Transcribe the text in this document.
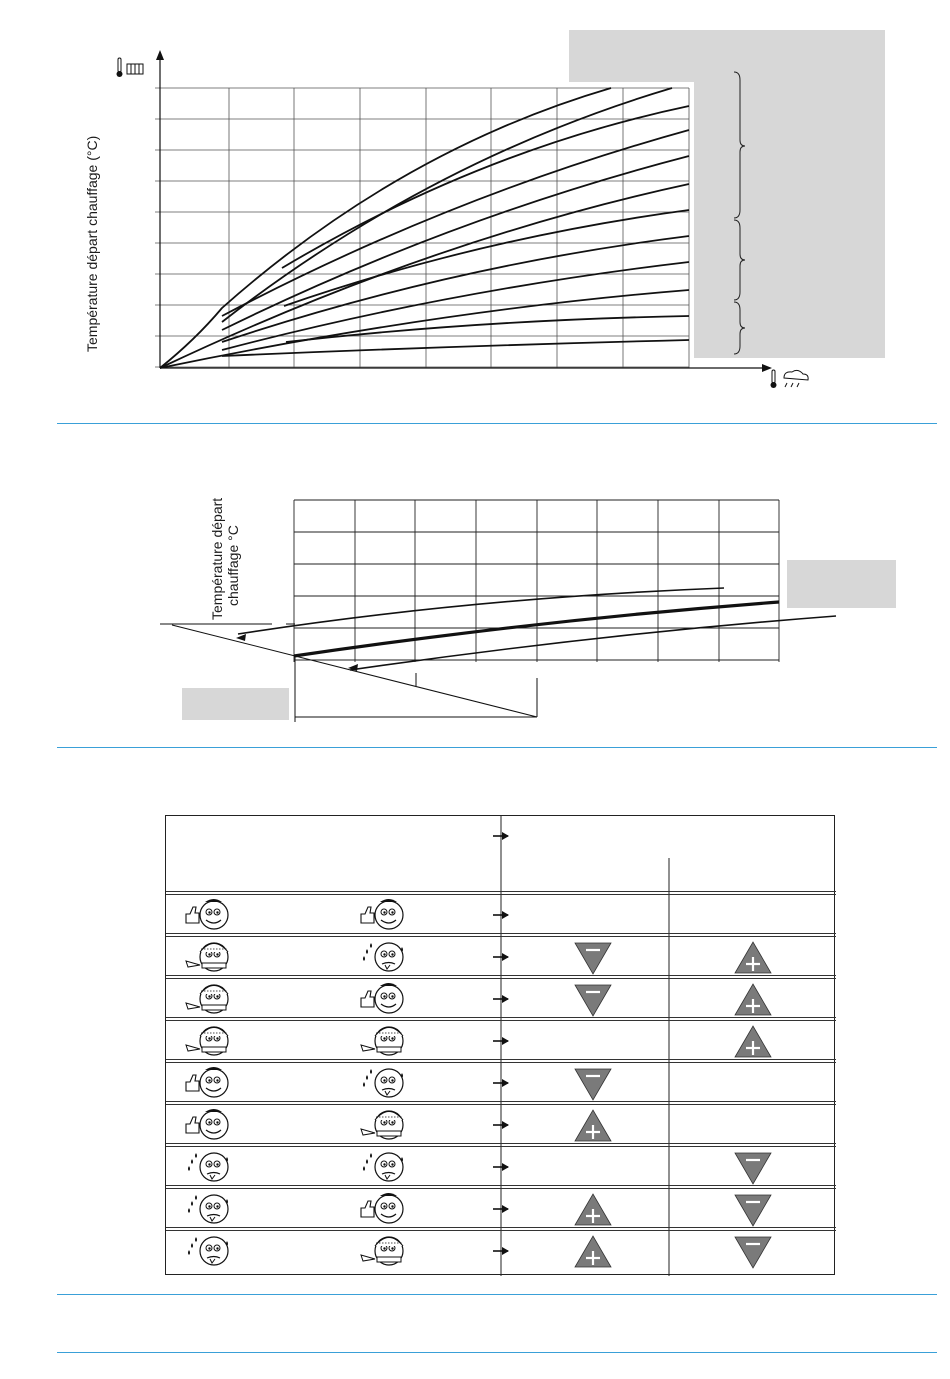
Température départ chauffage (°C)
Température départ chauffage °C
